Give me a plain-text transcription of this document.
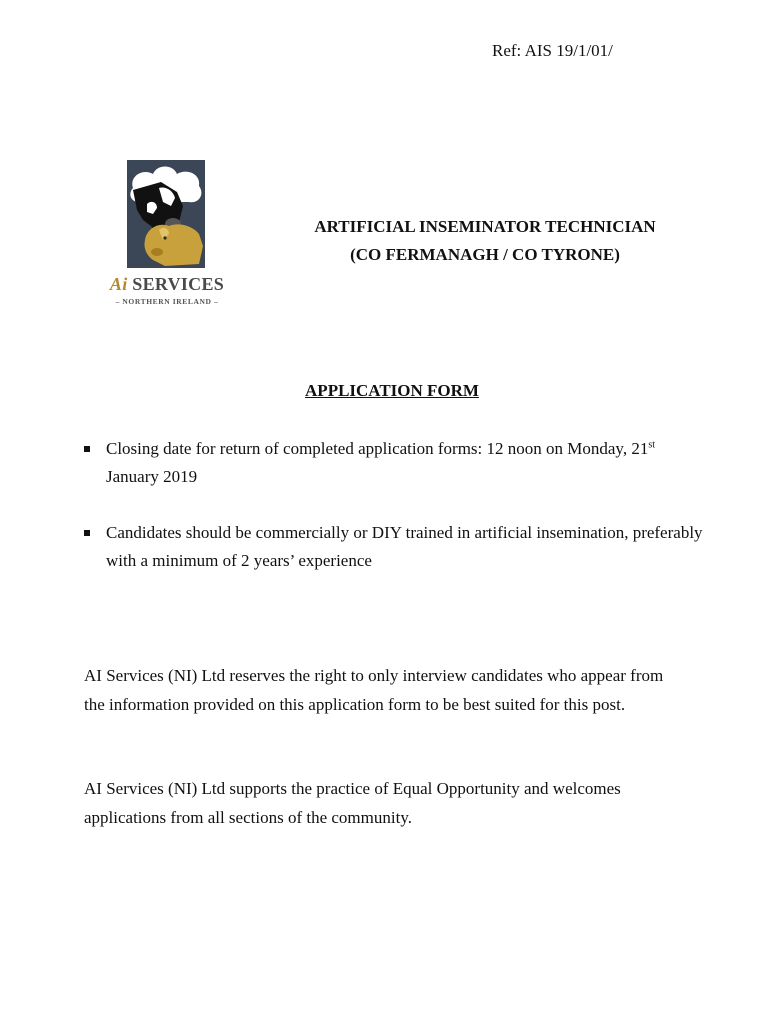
Ref: AIS 19/1/01/
Ai SERVICES
– NORTHERN IRELAND –
ARTIFICIAL INSEMINATOR TECHNICIAN
(CO FERMANAGH / CO TYRONE)
APPLICATION FORM
Closing date for return of completed application forms: 12 noon on Monday, 21st January 2019
Candidates should be commercially or DIY trained in artificial insemination, preferably with a minimum of 2 years’ experience

AI Services (NI) Ltd reserves the right to only interview candidates who appear from the information provided on this application form to be best suited for this post.

AI Services (NI) Ltd supports the practice of Equal Opportunity and welcomes applications from all sections of the community.
